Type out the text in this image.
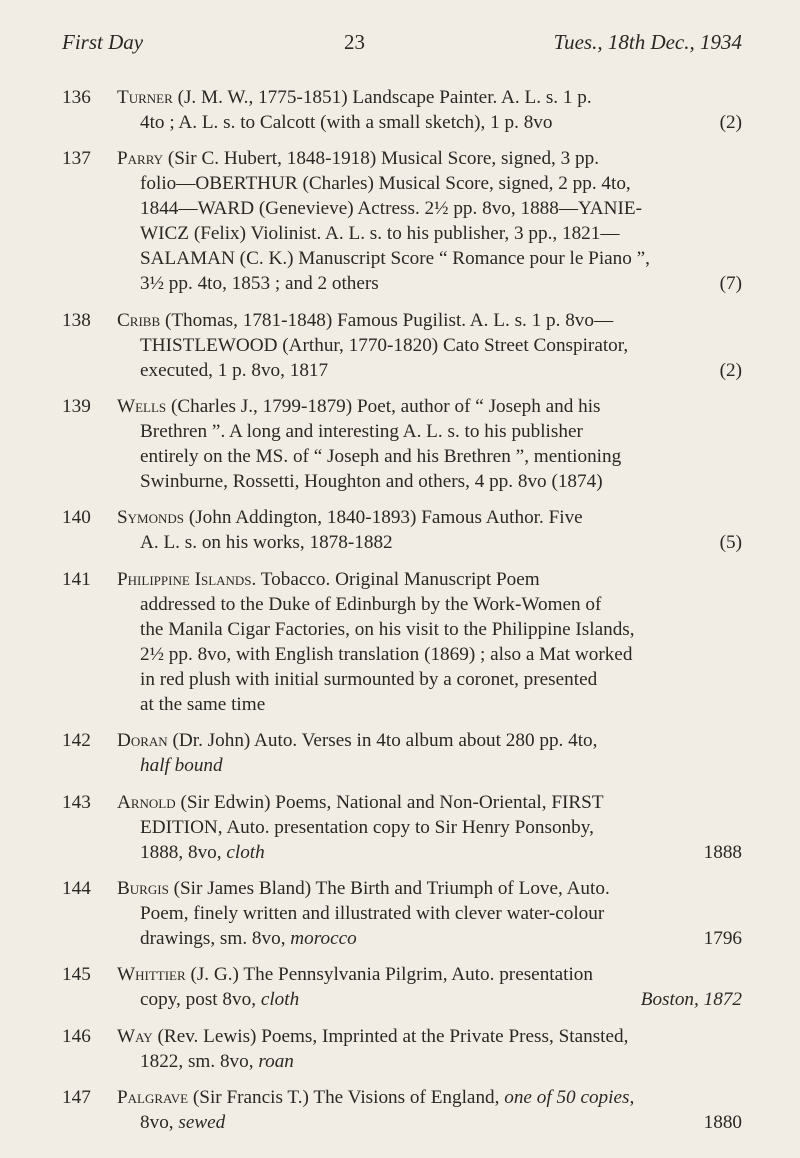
First Day	23	Tues., 18th Dec., 1934
136	Turner (J. M. W., 1775-1851) Landscape Painter. A. L. s. 1 p.
4to ; A. L. s. to Calcott (with a small sketch), 1 p. 8vo	(2)
137	Parry (Sir C. Hubert, 1848-1918) Musical Score, signed, 3 pp.
folio—OBERTHUR (Charles) Musical Score, signed, 2 pp. 4to,
1844—WARD (Genevieve) Actress. 2½ pp. 8vo, 1888—YANIE-
WICZ (Felix) Violinist. A. L. s. to his publisher, 3 pp., 1821—
SALAMAN (C. K.) Manuscript Score “ Romance pour le Piano ”,
3½ pp. 4to, 1853 ; and 2 others	(7)
138	Cribb (Thomas, 1781-1848) Famous Pugilist. A. L. s. 1 p. 8vo—
THISTLEWOOD (Arthur, 1770-1820) Cato Street Conspirator,
executed, 1 p. 8vo, 1817	(2)
139	Wells (Charles J., 1799-1879) Poet, author of “ Joseph and his
Brethren ”. A long and interesting A. L. s. to his publisher
entirely on the MS. of “ Joseph and his Brethren ”, mentioning
Swinburne, Rossetti, Houghton and others, 4 pp. 8vo (1874)
140	Symonds (John Addington, 1840-1893) Famous Author. Five
A. L. s. on his works, 1878-1882	(5)
141	Philippine Islands. Tobacco. Original Manuscript Poem
addressed to the Duke of Edinburgh by the Work-Women of
the Manila Cigar Factories, on his visit to the Philippine Islands,
2½ pp. 8vo, with English translation (1869) ; also a Mat worked
in red plush with initial surmounted by a coronet, presented
at the same time
142	Doran (Dr. John) Auto. Verses in 4to album about 280 pp. 4to,
half bound
143	Arnold (Sir Edwin) Poems, National and Non-Oriental, FIRST
EDITION, Auto. presentation copy to Sir Henry Ponsonby,
1888, 8vo, cloth	1888
144	Burgis (Sir James Bland) The Birth and Triumph of Love, Auto.
Poem, finely written and illustrated with clever water-colour
drawings, sm. 8vo, morocco	1796
145	Whittier (J. G.) The Pennsylvania Pilgrim, Auto. presentation
copy, post 8vo, cloth	Boston, 1872
146	Way (Rev. Lewis) Poems, Imprinted at the Private Press, Stansted,
1822, sm. 8vo, roan
147	Palgrave (Sir Francis T.) The Visions of England, one of 50 copies,
8vo, sewed	1880
